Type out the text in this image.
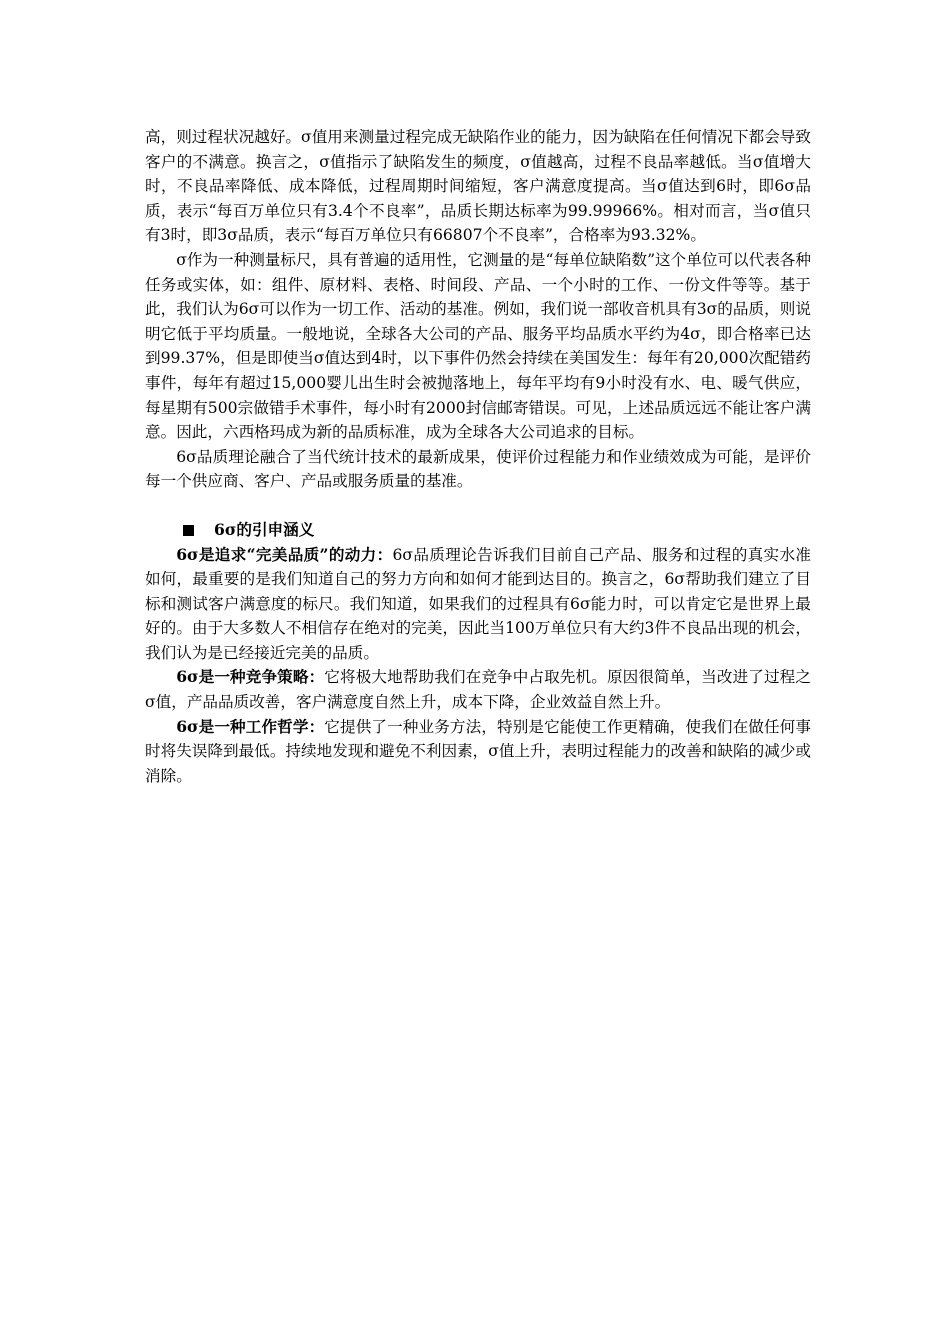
高，则过程状况越好。σ值用来测量过程完成无缺陷作业的能力，因为缺陷在任何情况下都会导致客户的不满意。换言之，σ值指示了缺陷发生的频度，σ值越高，过程不良品率越低。当σ值增大时，不良品率降低、成本降低，过程周期时间缩短，客户满意度提高。当σ值达到6时，即6σ品质，表示“每百万单位只有3.4个不良率”，品质长期达标率为99.99966%。相对而言，当σ值只有3时，即3σ品质，表示“每百万单位只有66807个不良率”，合格率为93.32%。

σ作为一种测量标尺，具有普遍的适用性，它测量的是“每单位缺陷数”这个单位可以代表各种任务或实体，如：组件、原材料、表格、时间段、产品、一个小时的工作、一份文件等等。基于此，我们认为6σ可以作为一切工作、活动的基准。例如，我们说一部收音机具有3σ的品质，则说明它低于平均质量。一般地说，全球各大公司的产品、服务平均品质水平约为4σ，即合格率已达到99.37%，但是即使当σ值达到4时，以下事件仍然会持续在美国发生：每年有20,000次配错药事件，每年有超过15,000婴儿出生时会被抛落地上，每年平均有9小时没有水、电、暖气供应，每星期有500宗做错手术事件，每小时有2000封信邮寄错误。可见，上述品质远远不能让客户满意。因此，六西格玛成为新的品质标准，成为全球各大公司追求的目标。

6σ品质理论融合了当代统计技术的最新成果，使评价过程能力和作业绩效成为可能，是评价每一个供应商、客户、产品或服务质量的基准。

6σ的引申涵义

6σ是追求“完美品质”的动力：6σ品质理论告诉我们目前自己产品、服务和过程的真实水准如何，最重要的是我们知道自己的努力方向和如何才能到达目的。换言之，6σ帮助我们建立了目标和测试客户满意度的标尺。我们知道，如果我们的过程具有6σ能力时，可以肯定它是世界上最好的。由于大多数人不相信存在绝对的完美，因此当100万单位只有大约3件不良品出现的机会，我们认为是已经接近完美的品质。

6σ是一种竞争策略：它将极大地帮助我们在竞争中占取先机。原因很简单，当改进了过程之σ值，产品品质改善，客户满意度自然上升，成本下降，企业效益自然上升。

6σ是一种工作哲学：它提供了一种业务方法，特别是它能使工作更精确，使我们在做任何事时将失误降到最低。持续地发现和避免不利因素，σ值上升，表明过程能力的改善和缺陷的减少或消除。
